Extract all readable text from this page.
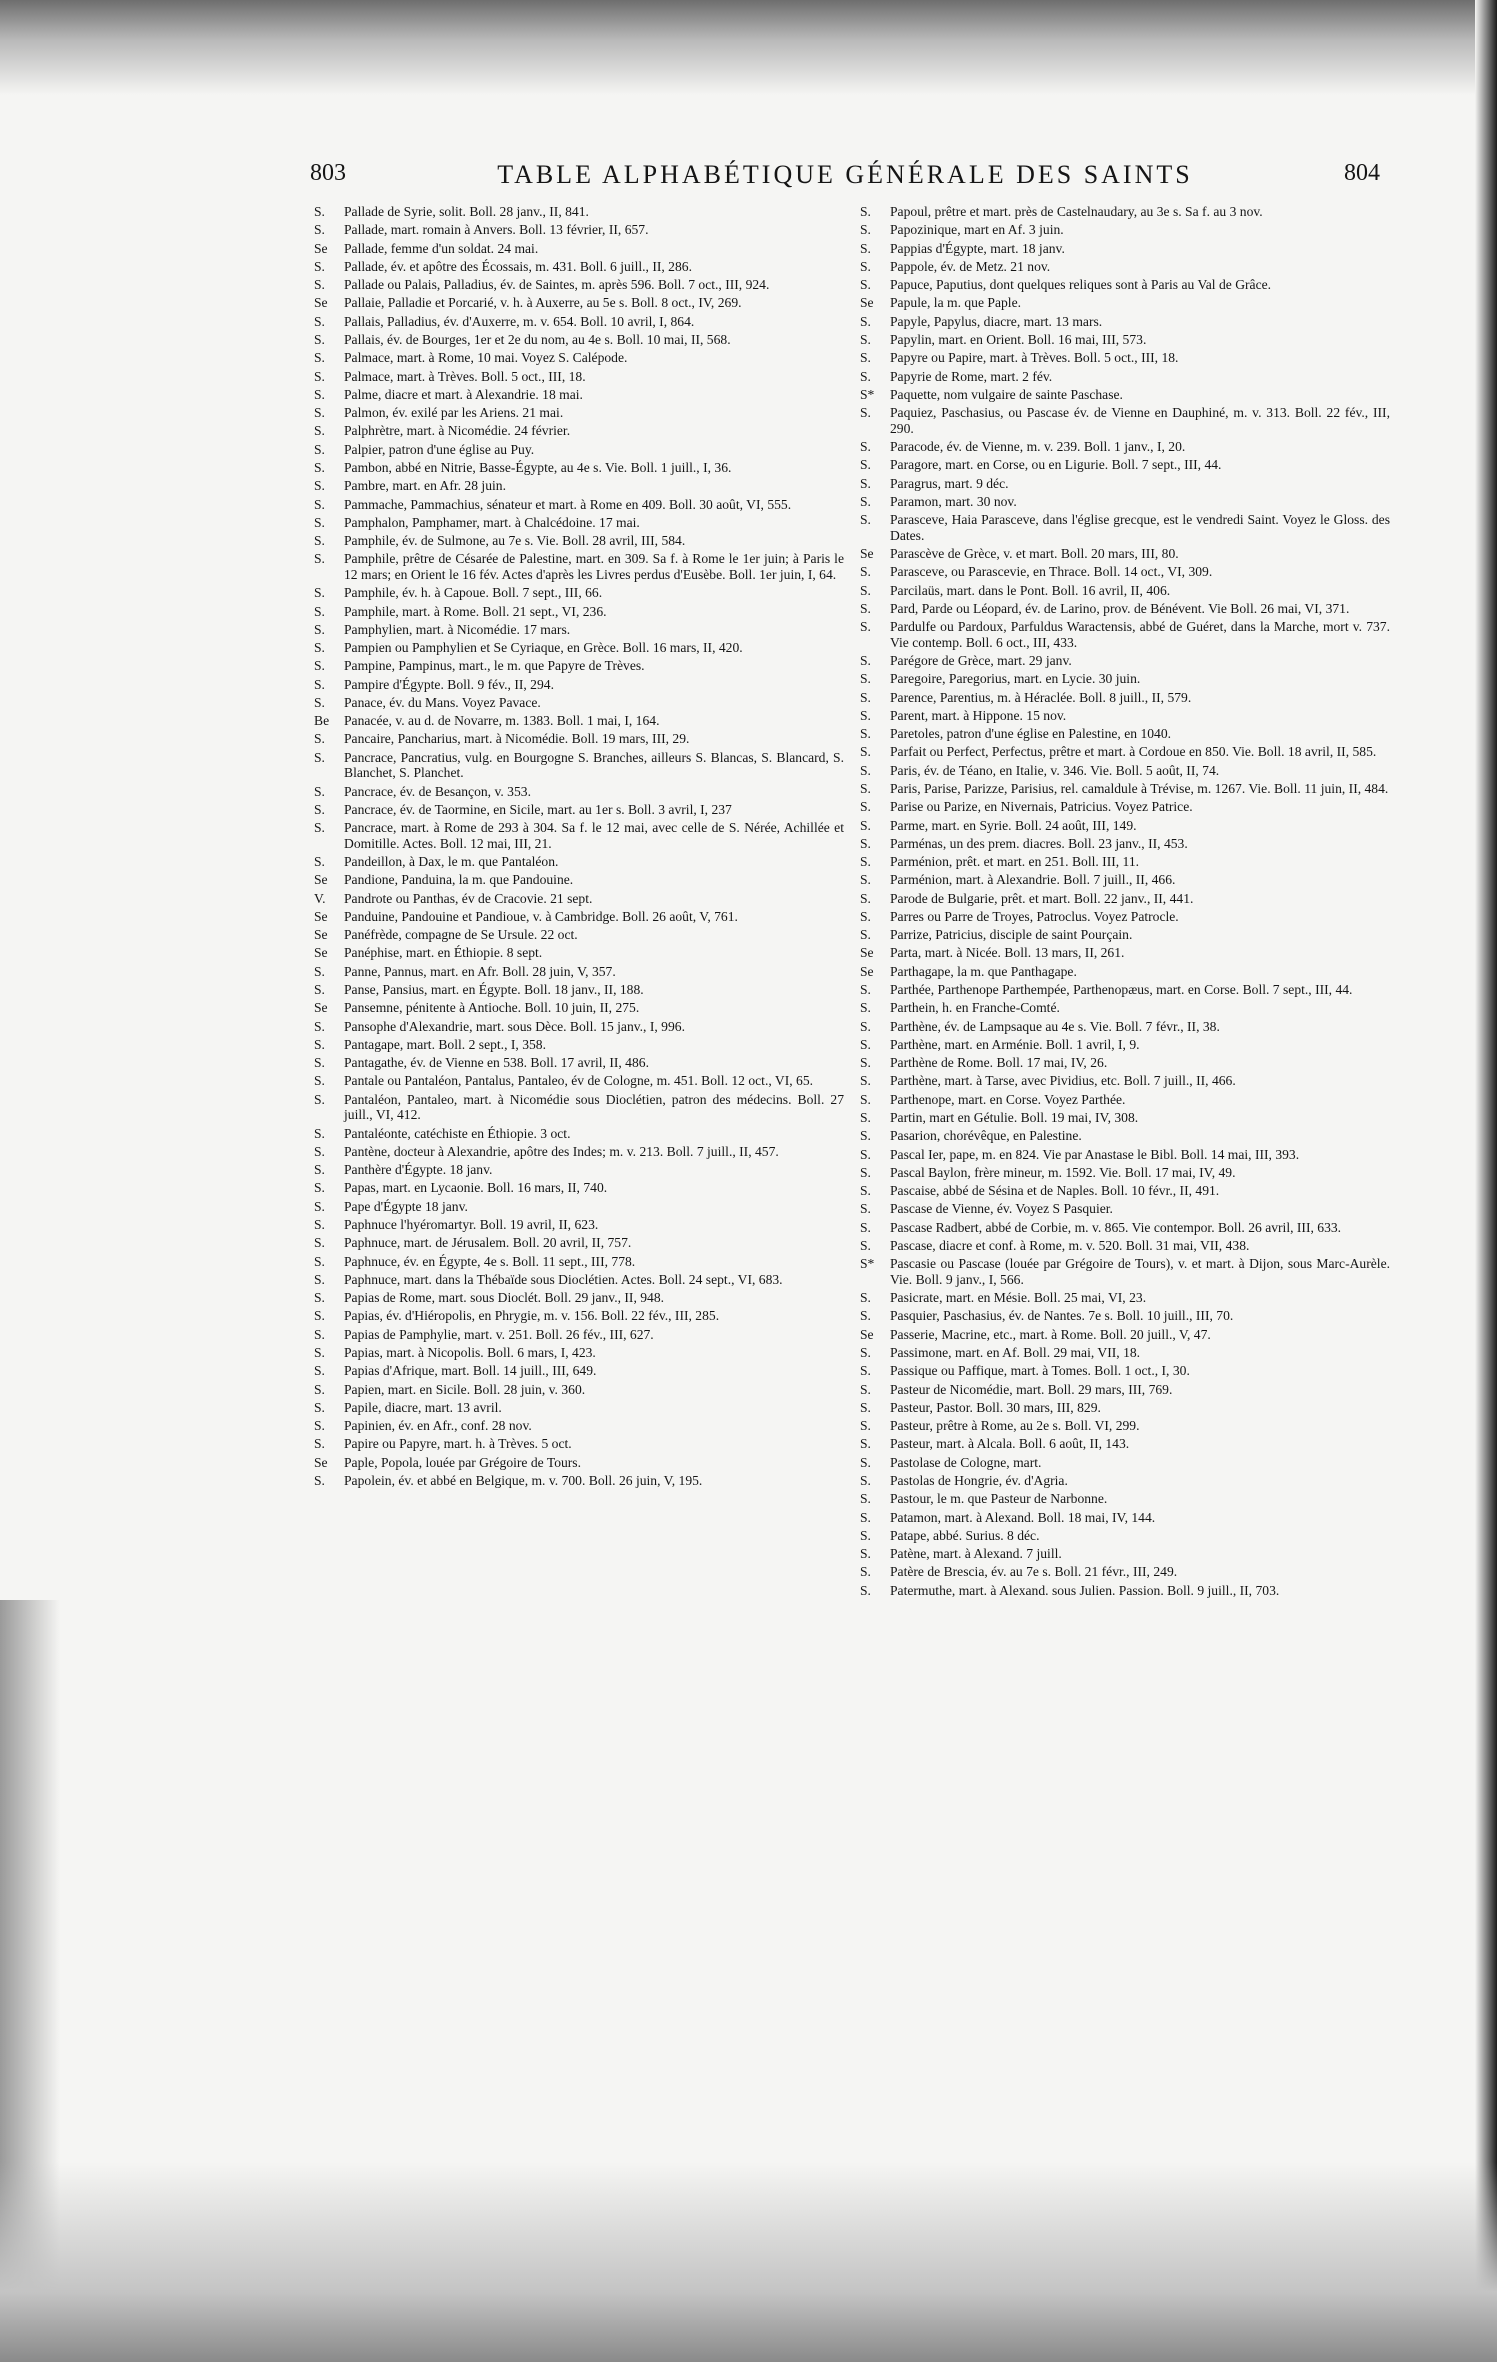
803	TABLE ALPHABÉTIQUE GÉNÉRALE DES SAINTS	804
S.	Pallade de Syrie, solit. Boll. 28 janv., II, 841.
S.	Pallade, mart. romain à Anvers. Boll. 13 février, II, 657.
Se	Pallade, femme d'un soldat. 24 mai.
S.	Pallade, év. et apôtre des Écossais, m. 431. Boll. 6 juill., II, 286.
S.	Pallade ou Palais, Palladius, év. de Saintes, m. après 596. Boll. 7 oct., III, 924.
Se	Pallaie, Palladie et Porcarié, v. h. à Auxerre, au 5e s. Boll. 8 oct., IV, 269.
S.	Pallais, Palladius, év. d'Auxerre, m. v. 654. Boll. 10 avril, I, 864.
S.	Pallais, év. de Bourges, 1er et 2e du nom, au 4e s. Boll. 10 mai, II, 568.
S.	Palmace, mart. à Rome, 10 mai. Voyez S. Calépode.
S.	Palmace, mart. à Trèves. Boll. 5 oct., III, 18.
S.	Palme, diacre et mart. à Alexandrie. 18 mai.
S.	Palmon, év. exilé par les Ariens. 21 mai.
S.	Palphrètre, mart. à Nicomédie. 24 février.
S.	Palpier, patron d'une église au Puy.
S.	Pambon, abbé en Nitrie, Basse-Égypte, au 4e s. Vie. Boll. 1 juill., I, 36.
S.	Pambre, mart. en Afr. 28 juin.
S.	Pammache, Pammachius, sénateur et mart. à Rome en 409. Boll. 30 août, VI, 555.
S.	Pamphalon, Pamphamer, mart. à Chalcédoine. 17 mai.
S.	Pamphile, év. de Sulmone, au 7e s. Vie. Boll. 28 avril, III, 584.
S.	Pamphile, prêtre de Césarée de Palestine, mart. en 309. Sa f. à Rome le 1er juin; à Paris le 12 mars; en Orient le 16 fév. Actes d'après les Livres perdus d'Eusèbe. Boll. 1er juin, I, 64.
S.	Pamphile, év. h. à Capoue. Boll. 7 sept., III, 66.
S.	Pamphile, mart. à Rome. Boll. 21 sept., VI, 236.
S.	Pamphylien, mart. à Nicomédie. 17 mars.
S.	Pampien ou Pamphylien et Se Cyriaque, en Grèce. Boll. 16 mars, II, 420.
S.	Pampine, Pampinus, mart., le m. que Papyre de Trèves.
S.	Pampire d'Égypte. Boll. 9 fév., II, 294.
S.	Panace, év. du Mans. Voyez Pavace.
Be	Panacée, v. au d. de Novarre, m. 1383. Boll. 1 mai, I, 164.
S.	Pancaire, Pancharius, mart. à Nicomédie. Boll. 19 mars, III, 29.
S.	Pancrace, Pancratius, vulg. en Bourgogne S. Branches, ailleurs S. Blancas, S. Blancard, S. Blanchet, S. Planchet.
S.	Pancrace, év. de Besançon, v. 353.
S.	Pancrace, év. de Taormine, en Sicile, mart. au 1er s. Boll. 3 avril, I, 237
S.	Pancrace, mart. à Rome de 293 à 304. Sa f. le 12 mai, avec celle de S. Nérée, Achillée et Domitille. Actes. Boll. 12 mai, III, 21.
S.	Pandeillon, à Dax, le m. que Pantaléon.
Se	Pandione, Panduina, la m. que Pandouine.
V.	Pandrote ou Panthas, év de Cracovie. 21 sept.
Se	Panduine, Pandouine et Pandioue, v. à Cambridge. Boll. 26 août, V, 761.
Se	Panéfrède, compagne de Se Ursule. 22 oct.
Se	Panéphise, mart. en Éthiopie. 8 sept.
S.	Panne, Pannus, mart. en Afr. Boll. 28 juin, V, 357.
S.	Panse, Pansius, mart. en Égypte. Boll. 18 janv., II, 188.
Se	Pansemne, pénitente à Antioche. Boll. 10 juin, II, 275.
S.	Pansophe d'Alexandrie, mart. sous Dèce. Boll. 15 janv., I, 996.
S.	Pantagape, mart. Boll. 2 sept., I, 358.
S.	Pantagathe, év. de Vienne en 538. Boll. 17 avril, II, 486.
S.	Pantale ou Pantaléon, Pantalus, Pantaleo, év de Cologne, m. 451. Boll. 12 oct., VI, 65.
S.	Pantaléon, Pantaleo, mart. à Nicomédie sous Dioclétien, patron des médecins. Boll. 27 juill., VI, 412.
S.	Pantaléonte, catéchiste en Éthiopie. 3 oct.
S.	Pantène, docteur à Alexandrie, apôtre des Indes; m. v. 213. Boll. 7 juill., II, 457.
S.	Panthère d'Égypte. 18 janv.
S.	Papas, mart. en Lycaonie. Boll. 16 mars, II, 740.
S.	Pape d'Égypte 18 janv.
S.	Paphnuce l'hyéromartyr. Boll. 19 avril, II, 623.
S.	Paphnuce, mart. de Jérusalem. Boll. 20 avril, II, 757.
S.	Paphnuce, év. en Égypte, 4e s. Boll. 11 sept., III, 778.
S.	Paphnuce, mart. dans la Thébaïde sous Dioclétien. Actes. Boll. 24 sept., VI, 683.
S.	Papias de Rome, mart. sous Dioclét. Boll. 29 janv., II, 948.
S.	Papias, év. d'Hiéropolis, en Phrygie, m. v. 156. Boll. 22 fév., III, 285.
S.	Papias de Pamphylie, mart. v. 251. Boll. 26 fév., III, 627.
S.	Papias, mart. à Nicopolis. Boll. 6 mars, I, 423.
S.	Papias d'Afrique, mart. Boll. 14 juill., III, 649.
S.	Papien, mart. en Sicile. Boll. 28 juin, v. 360.
S.	Papile, diacre, mart. 13 avril.
S.	Papinien, év. en Afr., conf. 28 nov.
S.	Papire ou Papyre, mart. h. à Trèves. 5 oct.
Se	Paple, Popola, louée par Grégoire de Tours.
S.	Papolein, év. et abbé en Belgique, m. v. 700. Boll. 26 juin, V, 195.
S.	Papoul, prêtre et mart. près de Castelnaudary, au 3e s. Sa f. au 3 nov.
S.	Papozinique, mart en Af. 3 juin.
S.	Pappias d'Égypte, mart. 18 janv.
S.	Pappole, év. de Metz. 21 nov.
S.	Papuce, Paputius, dont quelques reliques sont à Paris au Val de Grâce.
Se	Papule, la m. que Paple.
S.	Papyle, Papylus, diacre, mart. 13 mars.
S.	Papylin, mart. en Orient. Boll. 16 mai, III, 573.
S.	Papyre ou Papire, mart. à Trèves. Boll. 5 oct., III, 18.
S.	Papyrie de Rome, mart. 2 fév.
S*	Paquette, nom vulgaire de sainte Paschase.
S.	Paquiez, Paschasius, ou Pascase év. de Vienne en Dauphiné, m. v. 313. Boll. 22 fév., III, 290.
S.	Paracode, év. de Vienne, m. v. 239. Boll. 1 janv., I, 20.
S.	Paragore, mart. en Corse, ou en Ligurie. Boll. 7 sept., III, 44.
S.	Paragrus, mart. 9 déc.
S.	Paramon, mart. 30 nov.
S.	Parasceve, Haia Parasceve, dans l'église grecque, est le vendredi Saint. Voyez le Gloss. des Dates.
Se	Parascève de Grèce, v. et mart. Boll. 20 mars, III, 80.
S.	Parasceve, ou Parascevie, en Thrace. Boll. 14 oct., VI, 309.
S.	Parcilaüs, mart. dans le Pont. Boll. 16 avril, II, 406.
S.	Pard, Parde ou Léopard, év. de Larino, prov. de Bénévent. Vie Boll. 26 mai, VI, 371.
S.	Pardulfe ou Pardoux, Parfuldus Waractensis, abbé de Guéret, dans la Marche, mort v. 737. Vie contemp. Boll. 6 oct., III, 433.
S.	Parégore de Grèce, mart. 29 janv.
S.	Paregoire, Paregorius, mart. en Lycie. 30 juin.
S.	Parence, Parentius, m. à Héraclée. Boll. 8 juill., II, 579.
S.	Parent, mart. à Hippone. 15 nov.
S.	Paretoles, patron d'une église en Palestine, en 1040.
S.	Parfait ou Perfect, Perfectus, prêtre et mart. à Cordoue en 850. Vie. Boll. 18 avril, II, 585.
S.	Paris, év. de Téano, en Italie, v. 346. Vie. Boll. 5 août, II, 74.
S.	Paris, Parise, Parizze, Parisius, rel. camaldule à Trévise, m. 1267. Vie. Boll. 11 juin, II, 484.
S.	Parise ou Parize, en Nivernais, Patricius. Voyez Patrice.
S.	Parme, mart. en Syrie. Boll. 24 août, III, 149.
S.	Parménas, un des prem. diacres. Boll. 23 janv., II, 453.
S.	Parménion, prêt. et mart. en 251. Boll. III, 11.
S.	Parménion, mart. à Alexandrie. Boll. 7 juill., II, 466.
S.	Parode de Bulgarie, prêt. et mart. Boll. 22 janv., II, 441.
S.	Parres ou Parre de Troyes, Patroclus. Voyez Patrocle.
S.	Parrize, Patricius, disciple de saint Pourçain.
Se	Parta, mart. à Nicée. Boll. 13 mars, II, 261.
Se	Parthagape, la m. que Panthagape.
S.	Parthée, Parthenope Parthempée, Parthenopæus, mart. en Corse. Boll. 7 sept., III, 44.
S.	Parthein, h. en Franche-Comté.
S.	Parthène, év. de Lampsaque au 4e s. Vie. Boll. 7 févr., II, 38.
S.	Parthène, mart. en Arménie. Boll. 1 avril, I, 9.
S.	Parthène de Rome. Boll. 17 mai, IV, 26.
S.	Parthène, mart. à Tarse, avec Pividius, etc. Boll. 7 juill., II, 466.
S.	Parthenope, mart. en Corse. Voyez Parthée.
S.	Partin, mart en Gétulie. Boll. 19 mai, IV, 308.
S.	Pasarion, chorévêque, en Palestine.
S.	Pascal Ier, pape, m. en 824. Vie par Anastase le Bibl. Boll. 14 mai, III, 393.
S.	Pascal Baylon, frère mineur, m. 1592. Vie. Boll. 17 mai, IV, 49.
S.	Pascaise, abbé de Sésina et de Naples. Boll. 10 févr., II, 491.
S.	Pascase de Vienne, év. Voyez S Pasquier.
S.	Pascase Radbert, abbé de Corbie, m. v. 865. Vie contempor. Boll. 26 avril, III, 633.
S.	Pascase, diacre et conf. à Rome, m. v. 520. Boll. 31 mai, VII, 438.
S*	Pascasie ou Pascase (louée par Grégoire de Tours), v. et mart. à Dijon, sous Marc-Aurèle. Vie. Boll. 9 janv., I, 566.
S.	Pasicrate, mart. en Mésie. Boll. 25 mai, VI, 23.
S.	Pasquier, Paschasius, év. de Nantes. 7e s. Boll. 10 juill., III, 70.
Se	Passerie, Macrine, etc., mart. à Rome. Boll. 20 juill., V, 47.
S.	Passimone, mart. en Af. Boll. 29 mai, VII, 18.
S.	Passique ou Paffique, mart. à Tomes. Boll. 1 oct., I, 30.
S.	Pasteur de Nicomédie, mart. Boll. 29 mars, III, 769.
S.	Pasteur, Pastor. Boll. 30 mars, III, 829.
S.	Pasteur, prêtre à Rome, au 2e s. Boll. VI, 299.
S.	Pasteur, mart. à Alcala. Boll. 6 août, II, 143.
S.	Pastolase de Cologne, mart.
S.	Pastolas de Hongrie, év. d'Agria.
S.	Pastour, le m. que Pasteur de Narbonne.
S.	Patamon, mart. à Alexand. Boll. 18 mai, IV, 144.
S.	Patape, abbé. Surius. 8 déc.
S.	Patène, mart. à Alexand. 7 juill.
S.	Patère de Brescia, év. au 7e s. Boll. 21 févr., III, 249.
S.	Patermuthe, mart. à Alexand. sous Julien. Passion. Boll. 9 juill., II, 703.
